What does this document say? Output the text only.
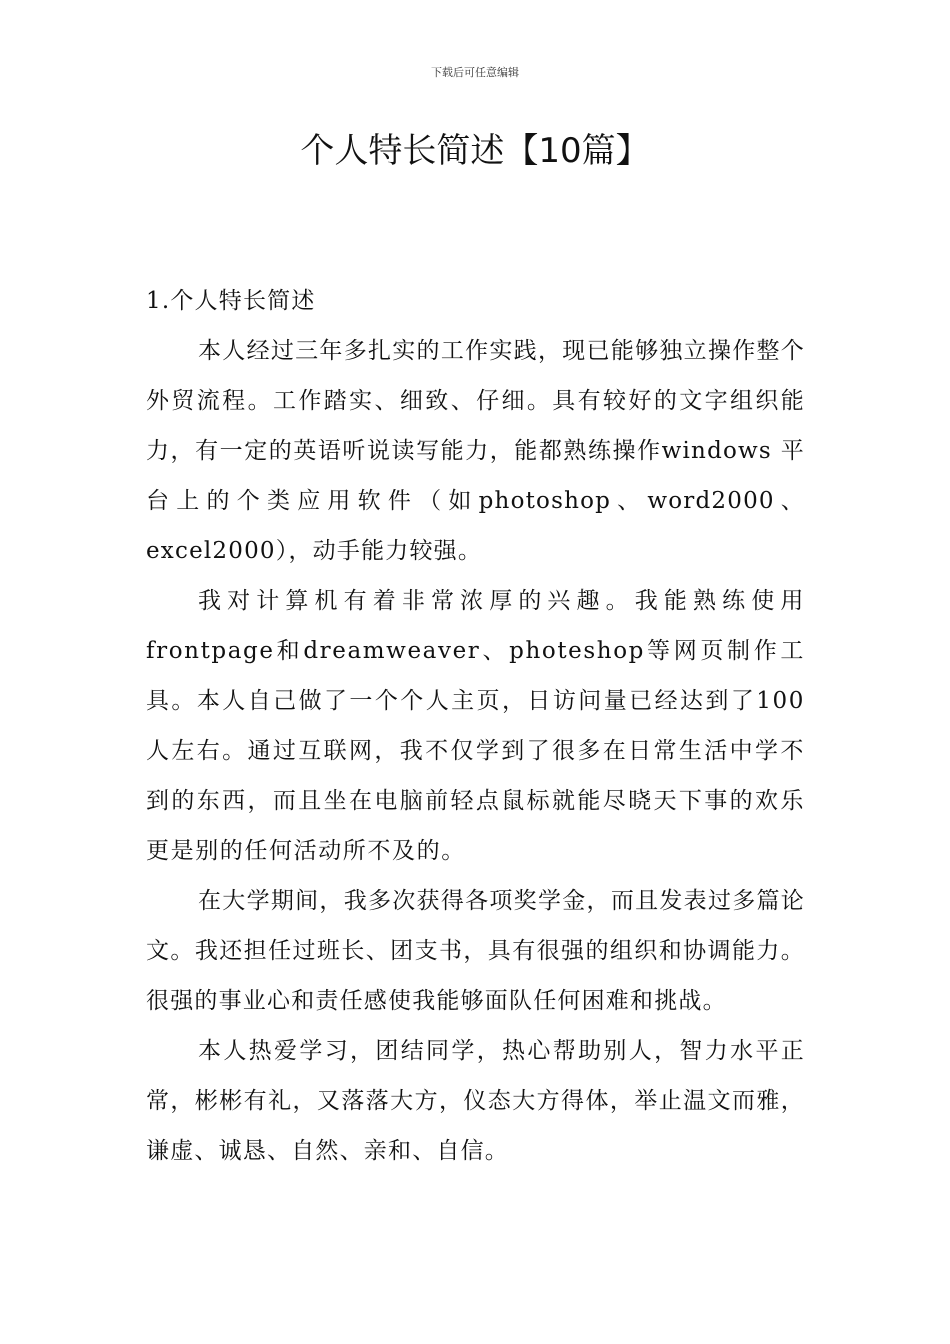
下载后可任意编辑
个人特长简述【10篇】
1.个人特长简述

本人经过三年多扎实的工作实践，现已能够独立操作整个外贸流程。工作踏实、细致、仔细。具有较好的文字组织能力，有一定的英语听说读写能力，能都熟练操作windows 平台上的个类应用软件（如photoshop、word2000、excel2000），动手能力较强。

我对计算机有着非常浓厚的兴趣。我能熟练使用frontpage和dreamweaver、photeshop等网页制作工具。本人自己做了一个个人主页，日访问量已经达到了100人左右。通过互联网，我不仅学到了很多在日常生活中学不到的东西，而且坐在电脑前轻点鼠标就能尽晓天下事的欢乐更是别的任何活动所不及的。

在大学期间，我多次获得各项奖学金，而且发表过多篇论文。我还担任过班长、团支书，具有很强的组织和协调能力。很强的事业心和责任感使我能够面队任何困难和挑战。

本人热爱学习，团结同学，热心帮助别人，智力水平正常，彬彬有礼，又落落大方，仪态大方得体，举止温文而雅，谦虚、诚恳、自然、亲和、自信。
